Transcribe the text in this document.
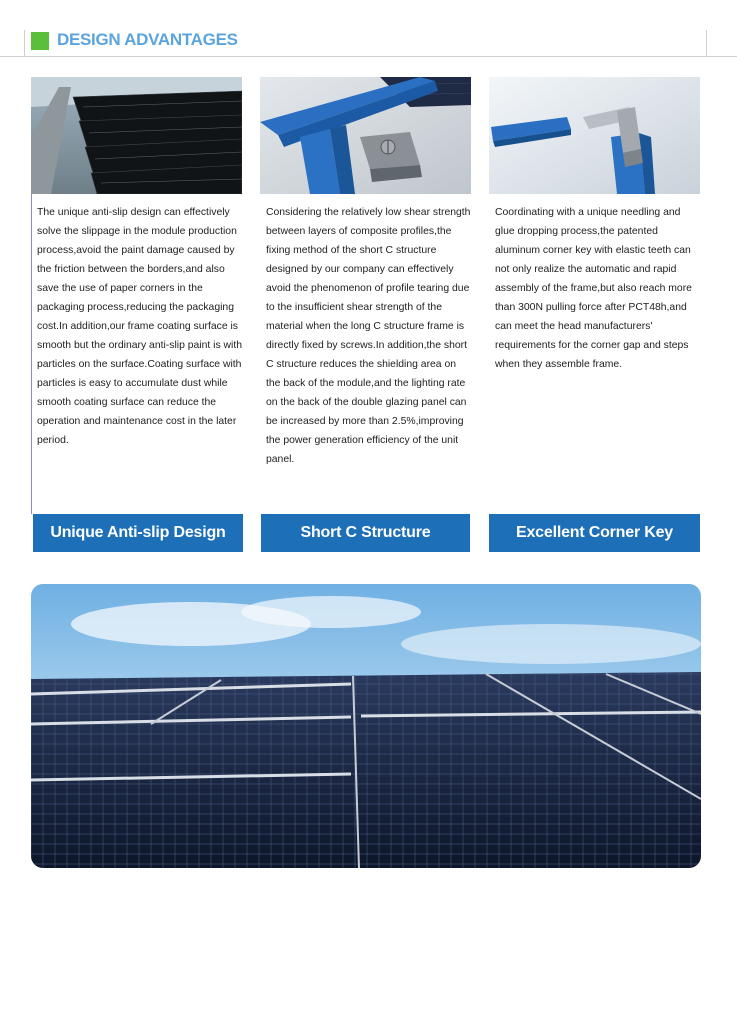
DESIGN ADVANTAGES
The unique anti-slip design can effectively solve the slippage in the module production process,avoid the paint damage caused by the friction between the borders,and also save the use of paper corners in the packaging process,reducing the packaging cost.In addition,our frame coating surface is smooth but the ordinary anti-slip paint is with particles on the surface.Coating surface with particles is easy to accumulate dust while smooth coating surface can reduce the operation and maintenance cost in the later period.
Considering the relatively low shear strength between layers of composite profiles,the fixing method of the short C structure designed by our company can effectively avoid the phenomenon of profile tearing due to the insufficient shear strength of the material when the long C structure frame is directly fixed by screws.In addition,the short C structure reduces the shielding area on the back of the module,and the lighting rate on the back of the double glazing panel can be increased by more than 2.5%,improving the power generation efficiency of the unit panel.
Coordinating with a unique needling and glue dropping process,the patented aluminum corner key with elastic teeth can not only realize the automatic and rapid assembly of the frame,but also reach more than 300N pulling force after PCT48h,and can meet the head manufacturers' requirements for the corner gap and steps when they assemble frame.
Unique Anti-slip Design	Short C Structure	Excellent Corner Key
